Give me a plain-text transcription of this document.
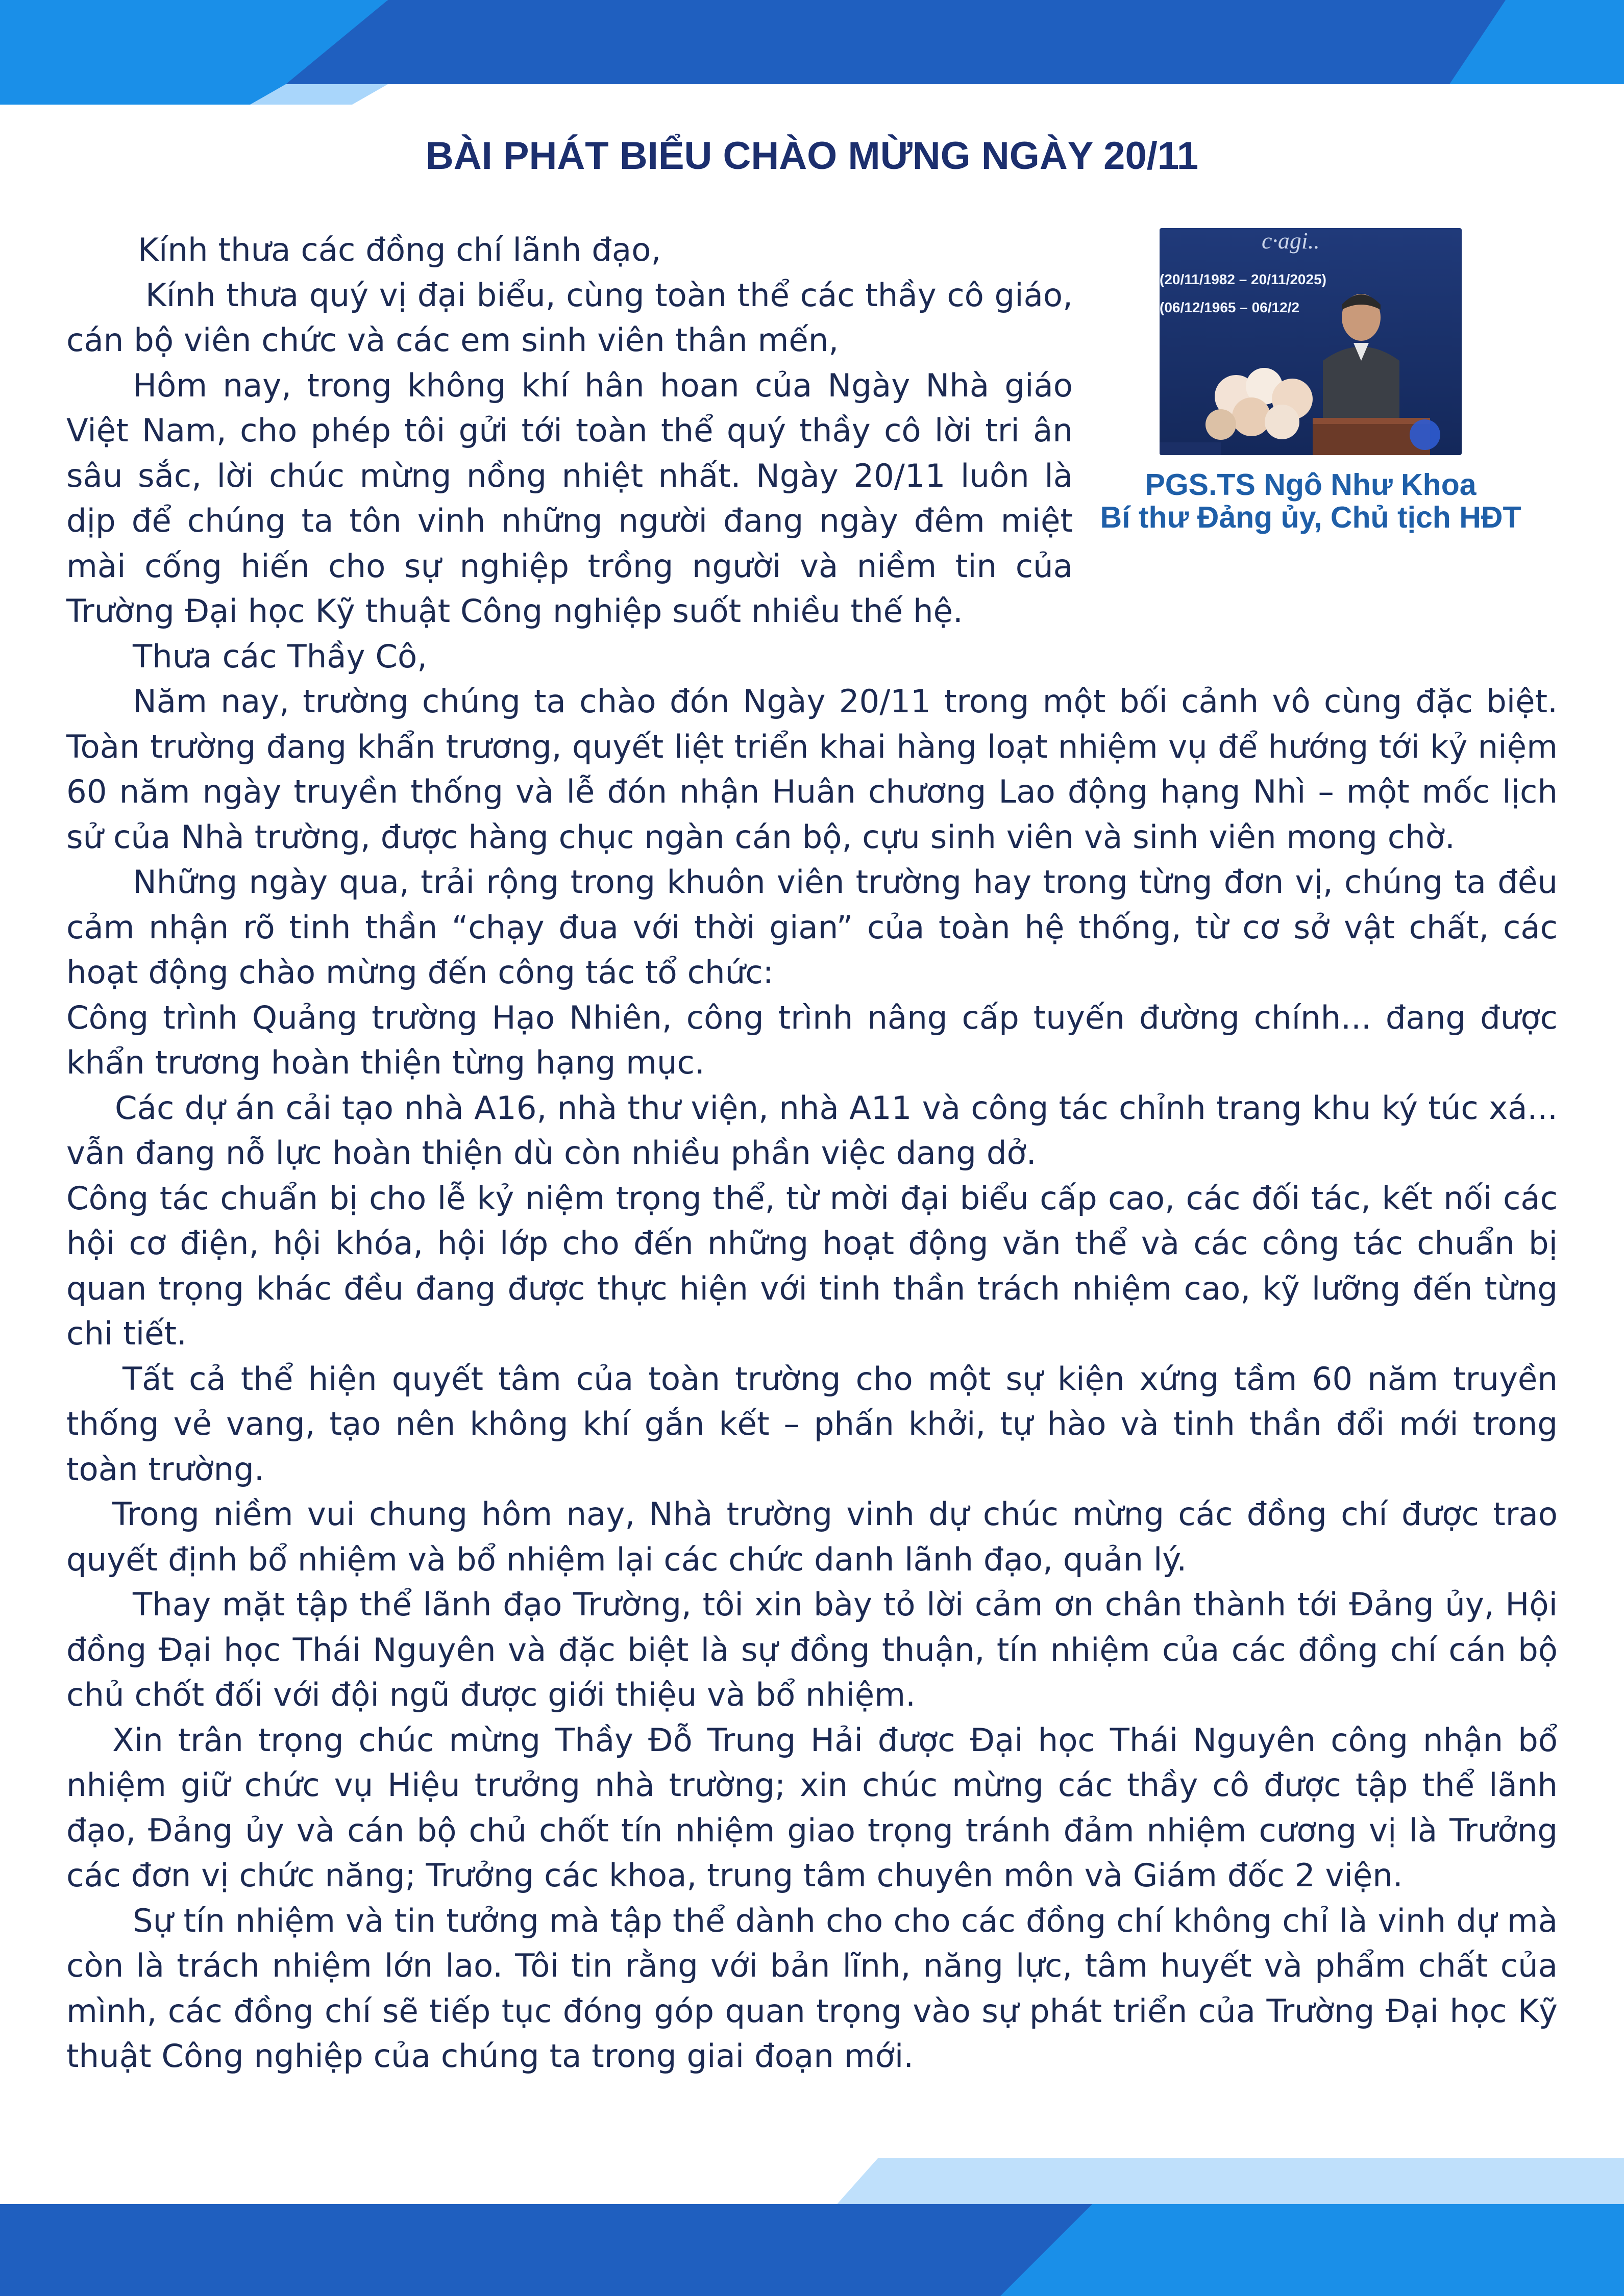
BÀI PHÁT BIỂU CHÀO MỪNG NGÀY 20/11
c·agi..
(20/11/1982 – 20/11/2025)
(06/12/1965 – 06/12/2
PGS.TS Ngô Như Khoa
Bí thư Đảng ủy, Chủ tịch HĐT

Kính thưa các đồng chí lãnh đạo,

Kính thưa quý vị đại biểu, cùng toàn thể các thầy cô giáo, cán bộ viên chức và các em sinh viên thân mến,

Hôm nay, trong không khí hân hoan của Ngày Nhà giáo Việt Nam, cho phép tôi gửi tới toàn thể quý thầy cô lời tri ân sâu sắc, lời chúc mừng nồng nhiệt nhất. Ngày 20/11 luôn là dịp để chúng ta tôn vinh những người đang ngày đêm miệt mài cống hiến cho sự nghiệp trồng người và niềm tin của Trường Đại học Kỹ thuật Công nghiệp suốt nhiều thế hệ.

Thưa các Thầy Cô,

Năm nay, trường chúng ta chào đón Ngày 20/11 trong một bối cảnh vô cùng đặc biệt. Toàn trường đang khẩn trương, quyết liệt triển khai hàng loạt nhiệm vụ để hướng tới kỷ niệm 60 năm ngày truyền thống và lễ đón nhận Huân chương Lao động hạng Nhì – một mốc lịch sử của Nhà trường, được hàng chục ngàn cán bộ, cựu sinh viên và sinh viên mong chờ.

Những ngày qua, trải rộng trong khuôn viên trường hay trong từng đơn vị, chúng ta đều cảm nhận rõ tinh thần “chạy đua với thời gian” của toàn hệ thống, từ cơ sở vật chất, các hoạt động chào mừng đến công tác tổ chức:

Công trình Quảng trường Hạo Nhiên, công trình nâng cấp tuyến đường chính... đang được khẩn trương hoàn thiện từng hạng mục.

Các dự án cải tạo nhà A16, nhà thư viện, nhà A11 và công tác chỉnh trang khu ký túc xá... vẫn đang nỗ lực hoàn thiện dù còn nhiều phần việc dang dở.

Công tác chuẩn bị cho lễ kỷ niệm trọng thể, từ mời đại biểu cấp cao, các đối tác, kết nối các hội cơ điện, hội khóa, hội lớp cho đến những hoạt động văn thể và các công tác chuẩn bị quan trọng khác đều đang được thực hiện với tinh thần trách nhiệm cao, kỹ lưỡng đến từng chi tiết.

Tất cả thể hiện quyết tâm của toàn trường cho một sự kiện xứng tầm 60 năm truyền thống vẻ vang, tạo nên không khí gắn kết – phấn khởi, tự hào và tinh thần đổi mới trong toàn trường.

Trong niềm vui chung hôm nay, Nhà trường vinh dự chúc mừng các đồng chí được trao quyết định bổ nhiệm và bổ nhiệm lại các chức danh lãnh đạo, quản lý.

Thay mặt tập thể lãnh đạo Trường, tôi xin bày tỏ lời cảm ơn chân thành tới Đảng ủy, Hội đồng Đại học Thái Nguyên và đặc biệt là sự đồng thuận, tín nhiệm của các đồng chí cán bộ chủ chốt đối với đội ngũ được giới thiệu và bổ nhiệm.

Xin trân trọng chúc mừng Thầy Đỗ Trung Hải được Đại học Thái Nguyên công nhận bổ nhiệm giữ chức vụ Hiệu trưởng nhà trường; xin chúc mừng các thầy cô được tập thể lãnh đạo, Đảng ủy và cán bộ chủ chốt tín nhiệm giao trọng tránh đảm nhiệm cương vị là Trưởng các đơn vị chức năng; Trưởng các khoa, trung tâm chuyên môn và Giám đốc 2 viện.

Sự tín nhiệm và tin tưởng mà tập thể dành cho cho các đồng chí không chỉ là vinh dự mà còn là trách nhiệm lớn lao. Tôi tin rằng với bản lĩnh, năng lực, tâm huyết và phẩm chất của mình, các đồng chí sẽ tiếp tục đóng góp quan trọng vào sự phát triển của Trường Đại học Kỹ thuật Công nghiệp của chúng ta trong giai đoạn mới.
